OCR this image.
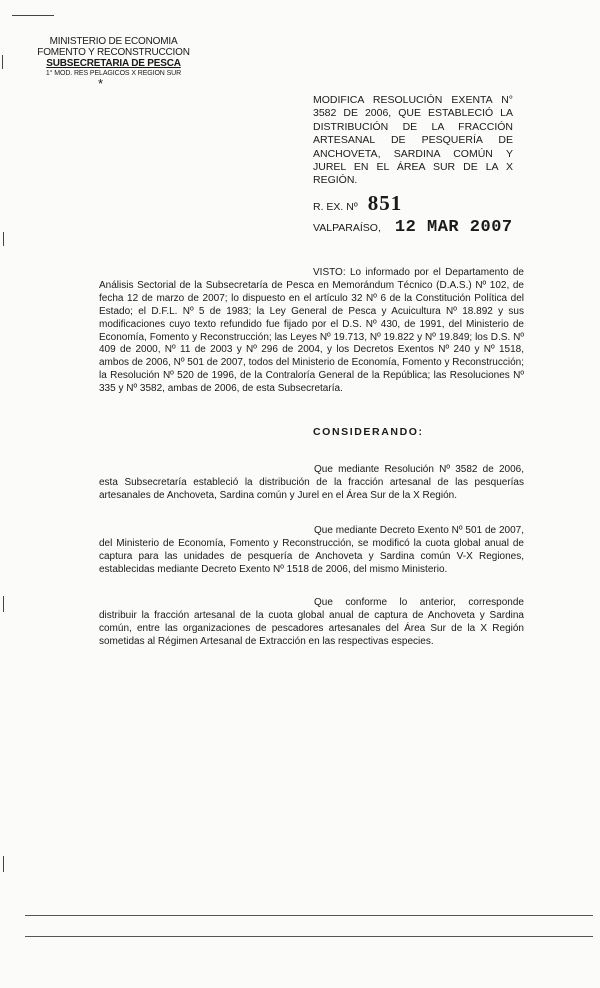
MINISTERIO DE ECONOMIA
FOMENTO Y RECONSTRUCCION
SUBSECRETARIA DE PESCA
1° MOD. RES PELAGICOS X REGION SUR
*
MODIFICA RESOLUCIÓN EXENTA N° 3582 DE 2006, QUE ESTABLECIÓ LA DISTRIBUCIÓN DE LA FRACCIÓN ARTESANAL DE PESQUERÍA DE ANCHOVETA, SARDINA COMÚN Y JUREL EN EL ÁREA SUR DE LA X REGIÓN.
R. EX. Nº 851
VALPARAÍSO, 12 MAR 2007

VISTO: Lo informado por el Departamento de Análisis Sectorial de la Subsecretaría de Pesca en Memorándum Técnico (D.A.S.) Nº 102, de fecha 12 de marzo de 2007; lo dispuesto en el artículo 32 Nº 6 de la Constitución Política del Estado; el D.F.L. Nº 5 de 1983; la Ley General de Pesca y Acuicultura Nº 18.892 y sus modificaciones cuyo texto refundido fue fijado por el D.S. Nº 430, de 1991, del Ministerio de Economía, Fomento y Reconstrucción; las Leyes Nº 19.713, Nº 19.822 y Nº 19.849; los D.S. Nº 409 de 2000, Nº 11 de 2003 y Nº 296 de 2004, y los Decretos Exentos Nº 240 y Nº 1518, ambos de 2006, Nº 501 de 2007, todos del Ministerio de Economía, Fomento y Reconstrucción; la Resolución Nº 520 de 1996, de la Contraloría General de la República; las Resoluciones Nº 335 y Nº 3582, ambas de 2006, de esta Subsecretaría.

CONSIDERANDO:

Que mediante Resolución Nº 3582 de 2006, esta Subsecretaría estableció la distribución de la fracción artesanal de las pesquerías artesanales de Anchoveta, Sardina común y Jurel en el Área Sur de la X Región.

Que mediante Decreto Exento Nº 501 de 2007, del Ministerio de Economía, Fomento y Reconstrucción, se modificó la cuota global anual de captura para las unidades de pesquería de Anchoveta y Sardina común V-X Regiones, establecidas mediante Decreto Exento Nº 1518 de 2006, del mismo Ministerio.

Que conforme lo anterior, corresponde distribuir la fracción artesanal de la cuota global anual de captura de Anchoveta y Sardina común, entre las organizaciones de pescadores artesanales del Área Sur de la X Región sometidas al Régimen Artesanal de Extracción en las respectivas especies.
